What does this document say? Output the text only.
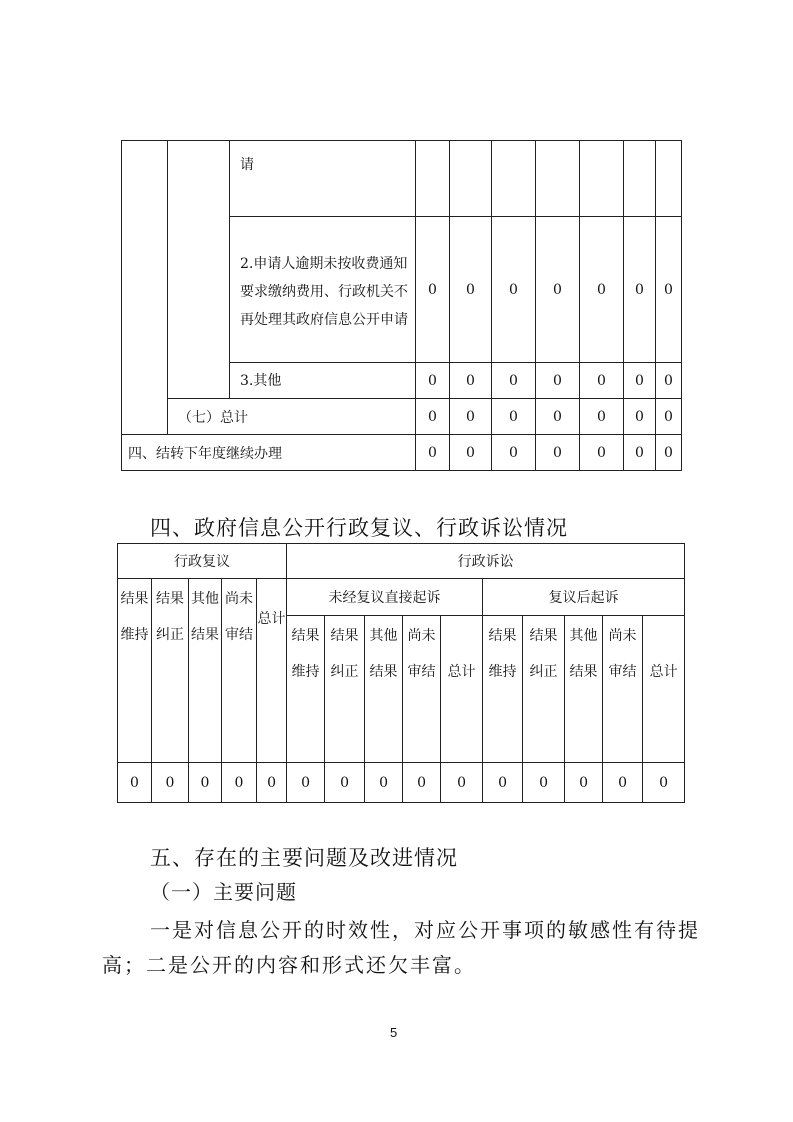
		请							
		2.申请人逾期未按收费通知要求缴纳费用、行政机关不再处理其政府信息公开申请	0	0	0	0	0	0	0
		3.其他	0	0	0	0	0	0	0
	（七）总计		0	0	0	0	0	0	0
四、结转下年度继续办理			0	0	0	0	0	0	0
四、政府信息公开行政复议、行政诉讼情况
行政复议					行政诉讼									

结果维持	结果纠正	其他结果	尚未审结	总计	未经复议直接起诉					复议后起诉				

					结果维持	结果纠正	其他结果	尚未审结	总计	结果维持	结果纠正	其他结果	尚未审结	总计

0	0	0	0	0	0	0	0	0	0	0	0	0	0	0
五、存在的主要问题及改进情况
（一）主要问题
一是对信息公开的时效性，对应公开事项的敏感性有待提
高；二是公开的内容和形式还欠丰富。
5
